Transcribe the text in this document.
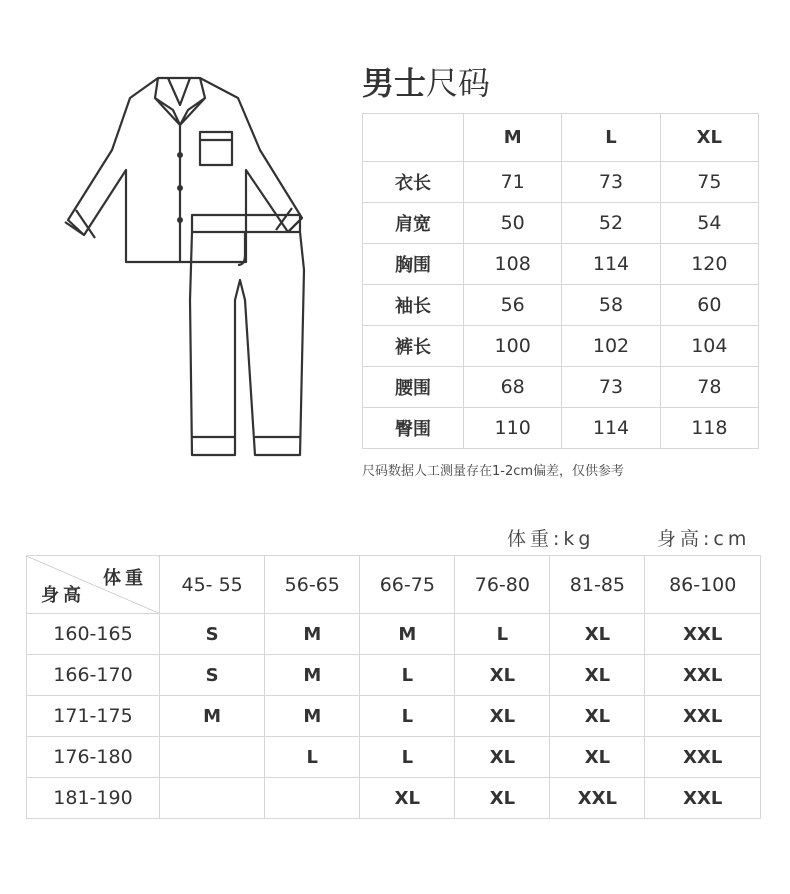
男士尺码
	M	L	XL
衣长	71	73	75
肩宽	50	52	54
胸围	108	114	120
袖长	56	58	60
裤长	100	102	104
腰围	68	73	78
臀围	110	114	118
尺码数据人工测量存在1-2cm偏差，仅供参考
体重:kg	身高:cm
体重
身高	45- 55	56-65	66-75	76-80	81-85	86-100
160-165	S	M	M	L	XL	XXL
166-170	S	M	L	XL	XL	XXL
171-175	M	M	L	XL	XL	XXL
176-180		L	L	XL	XL	XXL
181-190			XL	XL	XXL	XXL
